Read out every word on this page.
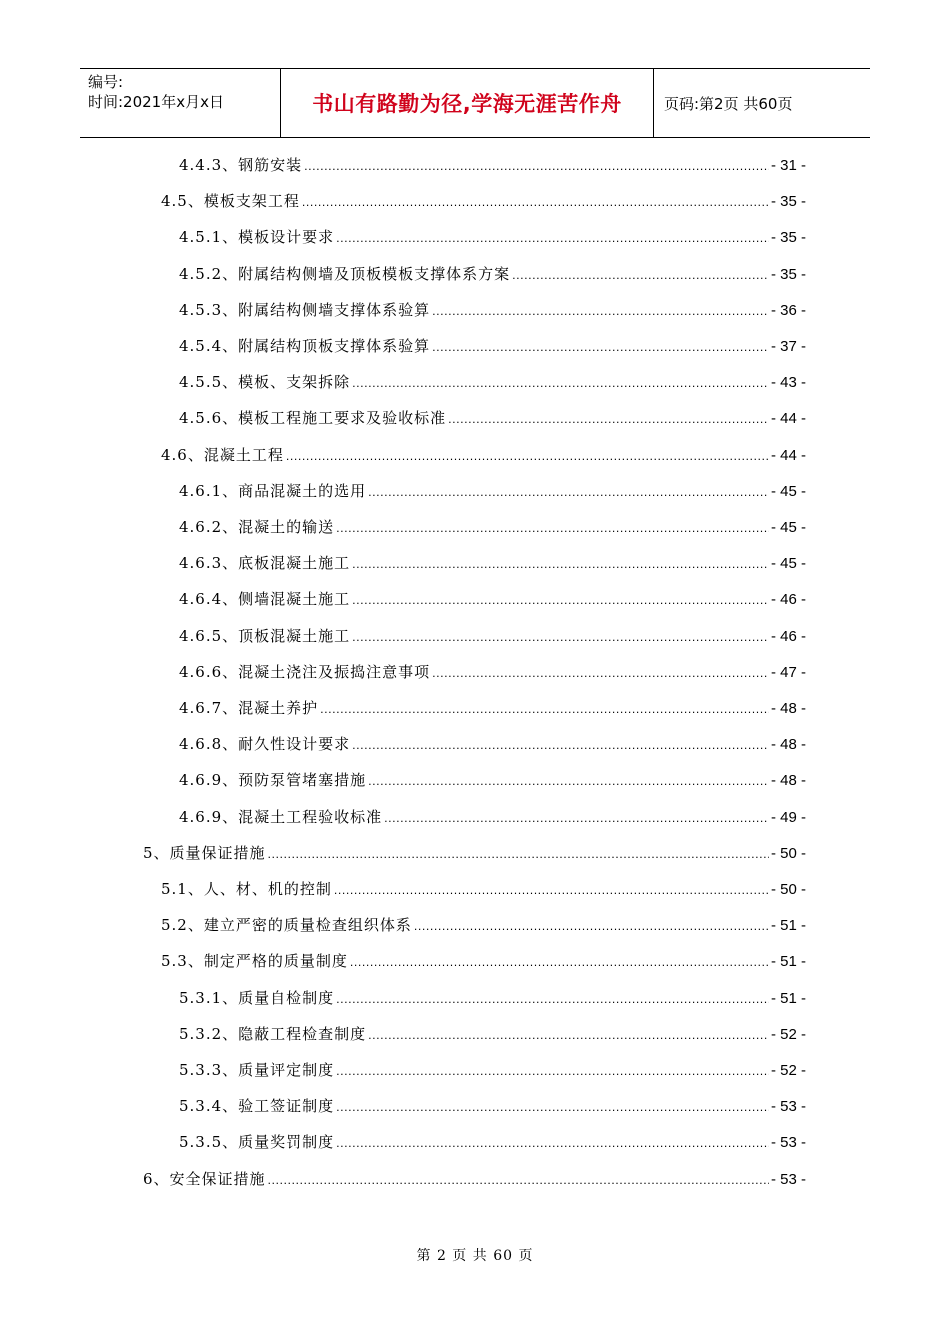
编号:
时间:2021年x月x日	书山有路勤为径,学海无涯苦作舟	页码:第2页 共60页
4.4.3、钢筋安装 .....	- 31 -
4.5、模板支架工程 .....	- 35 -
4.5.1、模板设计要求 .....	- 35 -
4.5.2、附属结构侧墙及顶板模板支撑体系方案 .....	- 35 -
4.5.3、附属结构侧墙支撑体系验算 .....	- 36 -
4.5.4、附属结构顶板支撑体系验算 .....	- 37 -
4.5.5、模板、支架拆除 .....	- 43 -
4.5.6、模板工程施工要求及验收标准 .....	- 44 -
4.6、混凝土工程 .....	- 44 -
4.6.1、商品混凝土的选用 .....	- 45 -
4.6.2、混凝土的输送 .....	- 45 -
4.6.3、底板混凝土施工 .....	- 45 -
4.6.4、侧墙混凝土施工 .....	- 46 -
4.6.5、顶板混凝土施工 .....	- 46 -
4.6.6、混凝土浇注及振捣注意事项 .....	- 47 -
4.6.7、混凝土养护 .....	- 48 -
4.6.8、耐久性设计要求 .....	- 48 -
4.6.9、预防泵管堵塞措施 .....	- 48 -
4.6.9、混凝土工程验收标准 .....	- 49 -
5、质量保证措施 .....	- 50 -
5.1、人、材、机的控制 .....	- 50 -
5.2、建立严密的质量检查组织体系 .....	- 51 -
5.3、制定严格的质量制度 .....	- 51 -
5.3.1、质量自检制度 .....	- 51 -
5.3.2、隐蔽工程检查制度 .....	- 52 -
5.3.3、质量评定制度 .....	- 52 -
5.3.4、验工签证制度 .....	- 53 -
5.3.5、质量奖罚制度 .....	- 53 -
6、安全保证措施 .....	- 53 -
第 2 页 共 60 页
